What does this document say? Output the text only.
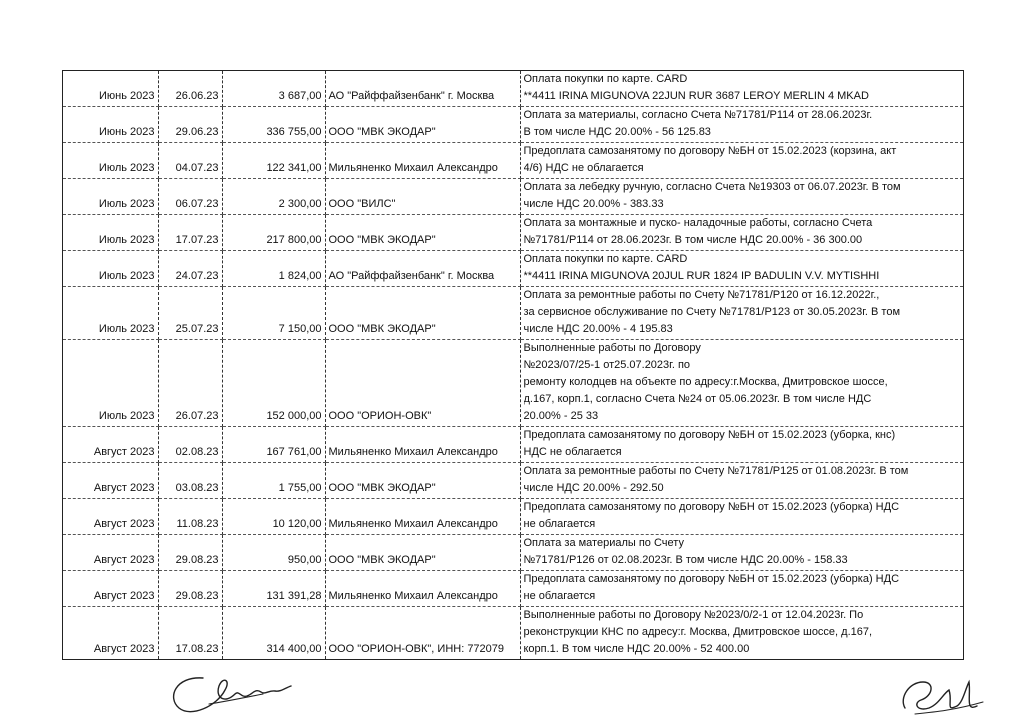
Июнь 2023	26.06.23	3 687,00	АО "Райффайзенбанк" г. Москва	Оплата покупки по карте. CARD
**4411 IRINA MIGUNOVA 22JUN RUR 3687 LEROY MERLIN 4 MKAD

Июнь 2023	29.06.23	336 755,00	ООО "МВК ЭКОДАР"	Оплата за материалы, согласно Счета №71781/Р114 от 28.06.2023г.
В том числе НДС 20.00% - 56 125.83

Июль 2023	04.07.23	122 341,00	Мильяненко Михаил Александро	Предоплата самозанятому по договору №БН от 15.02.2023 (корзина, акт
4/6) НДС не облагается

Июль 2023	06.07.23	2 300,00	ООО "ВИЛС"	Оплата за лебедку ручную, согласно Счета №19303 от 06.07.2023г. В том
числе НДС 20.00% - 383.33

Июль 2023	17.07.23	217 800,00	ООО "МВК ЭКОДАР"	Оплата за монтажные и пуско- наладочные работы, согласно Счета
№71781/Р114 от 28.06.2023г. В том числе НДС 20.00% - 36 300.00

Июль 2023	24.07.23	1 824,00	АО "Райффайзенбанк" г. Москва	Оплата покупки по карте. CARD
**4411 IRINA MIGUNOVA 20JUL RUR 1824 IP BADULIN V.V. MYTISHHI

Июль 2023	25.07.23	7 150,00	ООО "МВК ЭКОДАР"	Оплата за ремонтные работы по Счету №71781/Р120 от 16.12.2022г.,
за сервисное обслуживание по Счету №71781/Р123 от 30.05.2023г. В том
числе НДС 20.00% - 4 195.83

Июль 2023	26.07.23	152 000,00	ООО "ОРИОН-ОВК"	Выполненные работы по Договору
№2023/07/25-1 от25.07.2023г. по
ремонту колодцев на объекте по адресу:г.Москва, Дмитровское шоссе,
д.167, корп.1, согласно Счета №24 от 05.06.2023г. В том числе НДС
20.00% - 25 33

Август 2023	02.08.23	167 761,00	Мильяненко Михаил Александро	Предоплата самозанятому по договору №БН от 15.02.2023 (уборка, кнс)
НДС не облагается

Август 2023	03.08.23	1 755,00	ООО "МВК ЭКОДАР"	Оплата за ремонтные работы по Счету №71781/Р125 от 01.08.2023г. В том
числе НДС 20.00% - 292.50

Август 2023	11.08.23	10 120,00	Мильяненко Михаил Александро	Предоплата самозанятому по договору №БН от 15.02.2023 (уборка) НДС
не облагается

Август 2023	29.08.23	950,00	ООО "МВК ЭКОДАР"	Оплата за материалы по Счету
№71781/Р126 от 02.08.2023г. В том числе НДС 20.00% - 158.33

Август 2023	29.08.23	131 391,28	Мильяненко Михаил Александро	Предоплата самозанятому по договору №БН от 15.02.2023 (уборка) НДС
не облагается

Август 2023	17.08.23	314 400,00	ООО "ОРИОН-ОВК", ИНН: 772079	Выполненные работы по Договору №2023/0/2-1 от 12.04.2023г. По
реконструкции КНС по адресу:г. Москва, Дмитровское шоссе, д.167,
корп.1. В том числе НДС 20.00% - 52 400.00
